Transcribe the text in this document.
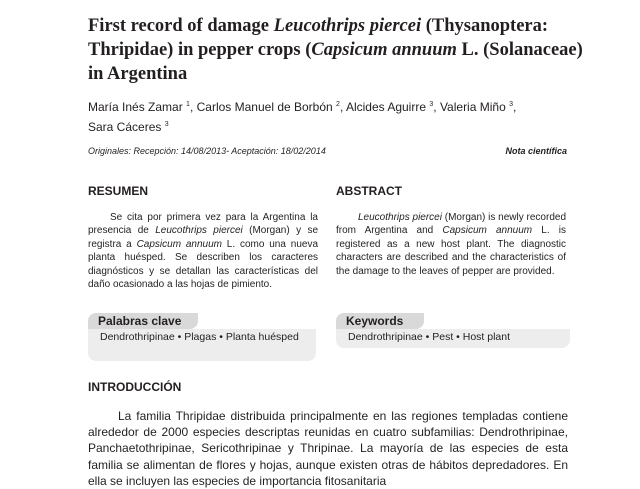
First record of damage Leucothrips piercei (Thysanoptera: Thripidae) in pepper crops (Capsicum annuum L. (Solanaceae) in Argentina
María Inés Zamar $^1$, Carlos Manuel de Borbón $^2$, Alcides Aguirre $^3$, Valeria Miño $^3$,
Sara Cáceres $^3$
Originales: Recepción: 14/08/2013- Aceptación: 18/02/2014	Nota científica
RESUMEN

Se cita por primera vez para la Argentina la presencia de Leucothrips piercei (Morgan) y se registra a Capsicum annuum L. como una nueva planta huésped. Se describen los caracteres diagnósticos y se detallan las características del daño ocasionado a las hojas de pimiento.

ABSTRACT

Leucothrips piercei (Morgan) is newly recorded from Argentina and Capsicum annuum L. is registered as a new host plant. The diagnostic characters are described and the characteristics of the damage to the leaves of pepper are provided.

Palabras clave
Dendrothripinae • Plagas • Planta huésped
Keywords
Dendrothripinae • Pest • Host plant
INTRODUCCIÓN

La familia Thripidae distribuida principalmente en las regiones templadas contiene alrededor de 2000 especies descriptas reunidas en cuatro subfamilias: Dendrothripinae, Panchaetothripinae, Sericothripinae y Thripinae. La mayoría de las especies de esta familia se alimentan de flores y hojas, aunque existen otras de hábitos depredadores. En ella se incluyen las especies de importancia fitosanitaria
